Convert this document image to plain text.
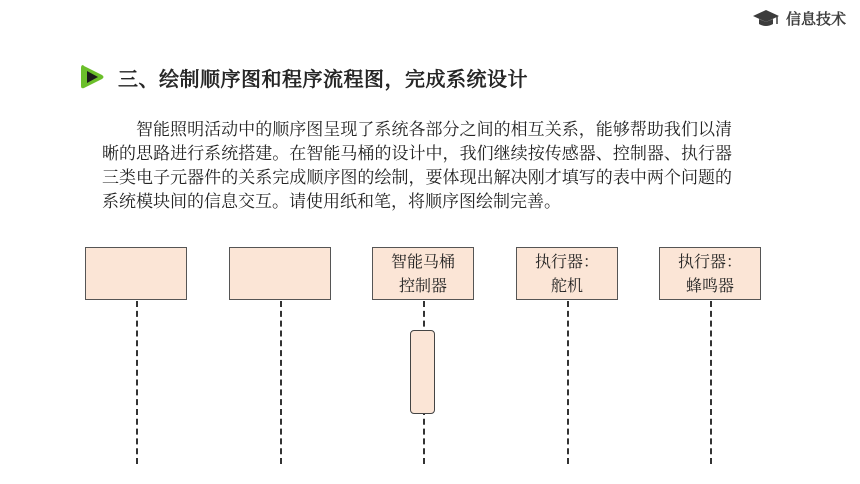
信息技术
三、绘制顺序图和程序流程图，完成系统设计
智能照明活动中的顺序图呈现了系统各部分之间的相互关系，能够帮助我们以清晰的思路进行系统搭建。在智能马桶的设计中，我们继续按传感器、控制器、执行器三类电子元器件的关系完成顺序图的绘制，要体现出解决刚才填写的表中两个问题的系统模块间的信息交互。请使用纸和笔，将顺序图绘制完善。
智能马桶
控制器
执行器：
舵机
执行器：
蜂鸣器
